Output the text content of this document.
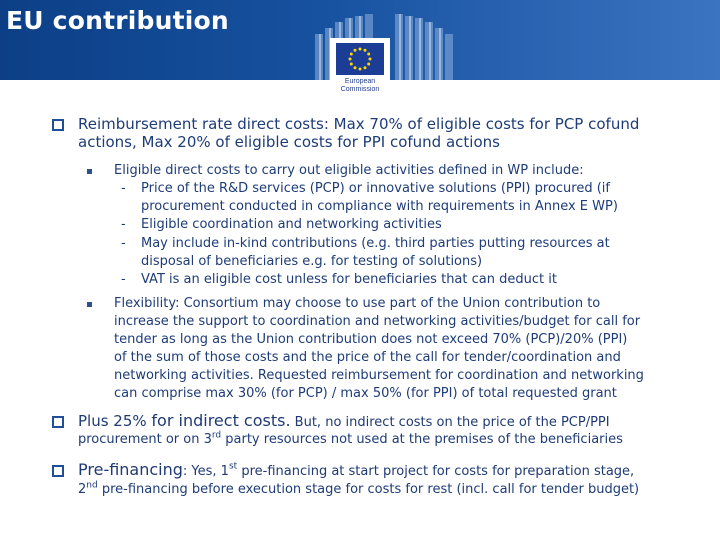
EU contribution
European
Commission
Reimbursement rate direct costs: Max 70% of eligible costs for PCP cofund
actions, Max 20% of eligible costs for PPI cofund actions
Eligible direct costs to carry out eligible activities defined in WP include:
- Price of the R&D services (PCP) or innovative solutions (PPI) procured (if
procurement conducted in compliance with requirements in Annex E WP)
- Eligible coordination and networking activities
- May include in-kind contributions (e.g. third parties putting resources at
disposal of beneficiaries e.g. for testing of solutions)
- VAT is an eligible cost unless for beneficiaries that can deduct it
Flexibility: Consortium may choose to use part of the Union contribution to
increase the support to coordination and networking activities/budget for call for
tender as long as the Union contribution does not exceed 70% (PCP)/20% (PPI)
of the sum of those costs and the price of the call for tender/coordination and
networking activities. Requested reimbursement for coordination and networking
can comprise max 30% (for PCP) / max 50% (for PPI) of total requested grant
Plus 25% for indirect costs. But, no indirect costs on the price of the PCP/PPI
procurement or on 3rd party resources not used at the premises of the beneficiaries
Pre-financing: Yes, 1st pre-financing at start project for costs for preparation stage,
2nd pre-financing before execution stage for costs for rest (incl. call for tender budget)
